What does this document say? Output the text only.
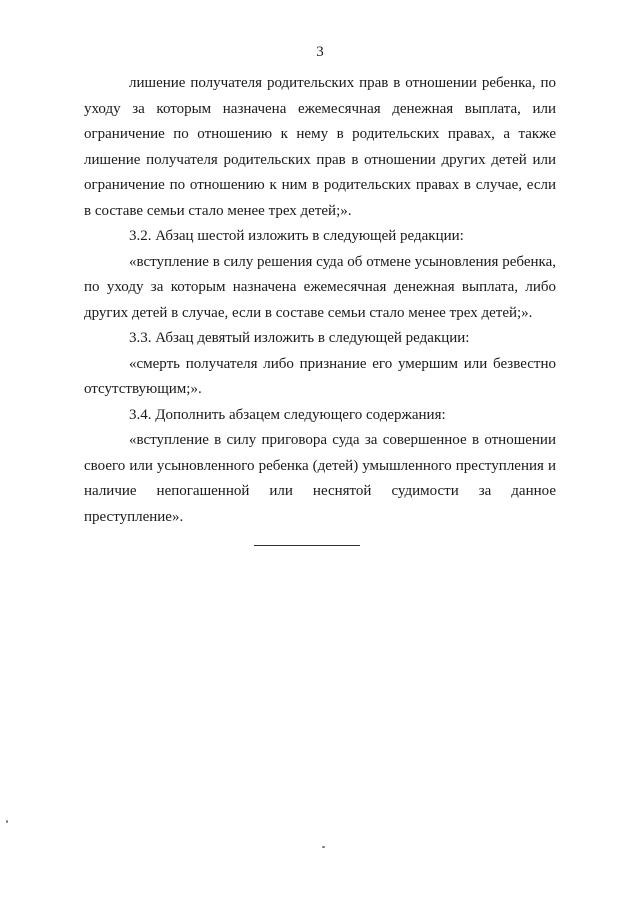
3

лишение получателя родительских прав в отношении ребенка, по уходу за которым назначена ежемесячная денежная выплата, или ограничение по отношению к нему в родительских правах, а также лишение получателя родительских прав в отношении других детей или ограничение по отношению к ним в родительских правах в случае, если в составе семьи стало менее трех детей;».

3.2. Абзац шестой изложить в следующей редакции:

«вступление в силу решения суда об отмене усыновления ребенка, по уходу за которым назначена ежемесячная денежная выплата, либо других детей в случае, если в составе семьи стало менее трех детей;».

3.3. Абзац девятый изложить в следующей редакции:

«смерть получателя либо признание его умершим или безвестно отсутствующим;».

3.4. Дополнить абзацем следующего содержания:

«вступление в силу приговора суда за совершенное в отношении своего или усыновленного ребенка (детей) умышленного преступления и наличие непогашенной или неснятой судимости за данное преступление».
